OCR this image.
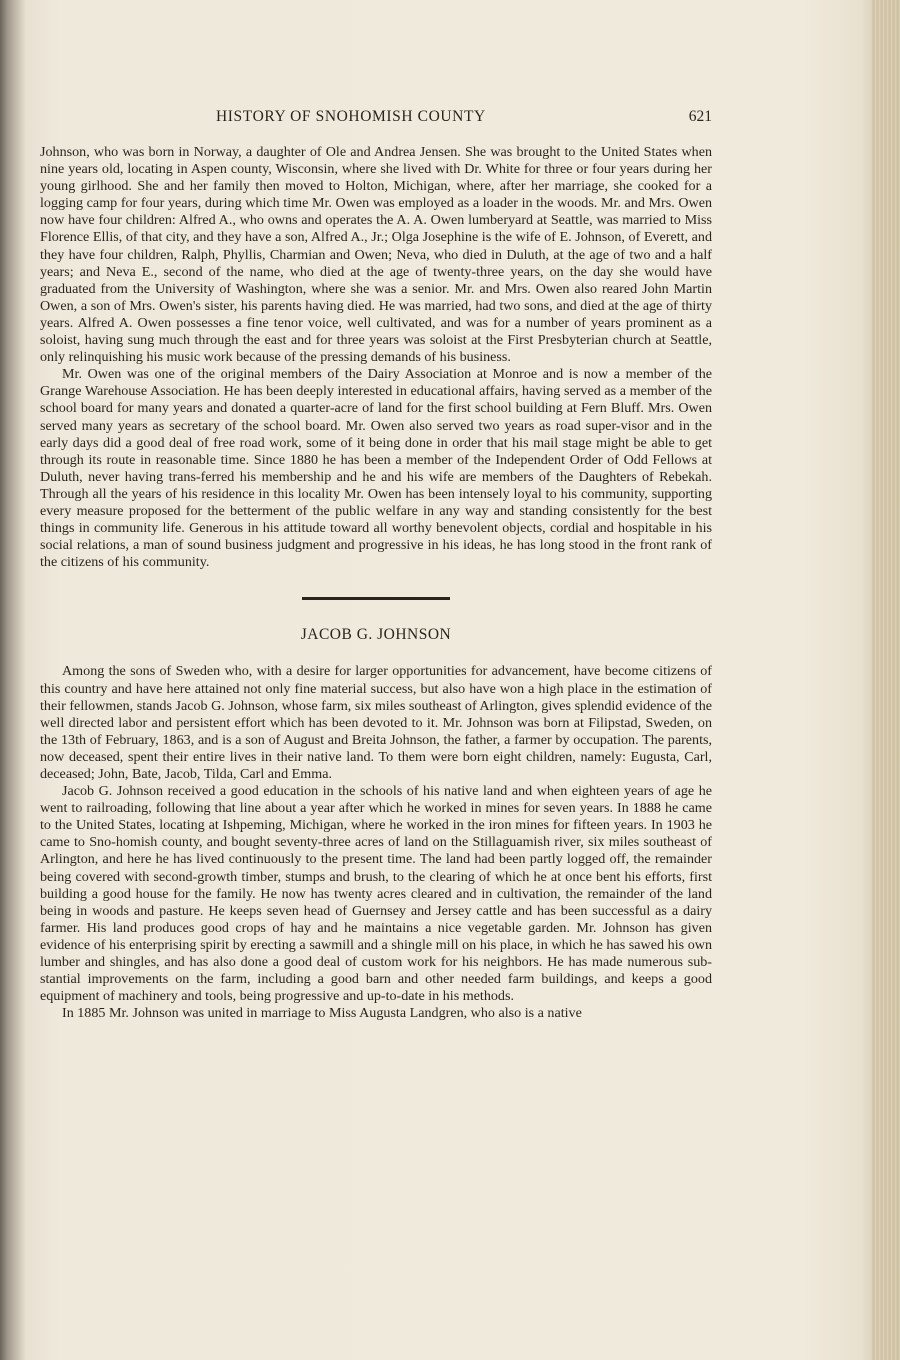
HISTORY OF SNOHOMISH COUNTY	621

Johnson, who was born in Norway, a daughter of Ole and Andrea Jensen. She was brought to the United States when nine years old, locating in Aspen county, Wisconsin, where she lived with Dr. White for three or four years during her young girlhood. She and her family then moved to Holton, Michigan, where, after her marriage, she cooked for a logging camp for four years, during which time Mr. Owen was employed as a loader in the woods. Mr. and Mrs. Owen now have four children: Alfred A., who owns and operates the A. A. Owen lumberyard at Seattle, was married to Miss Florence Ellis, of that city, and they have a son, Alfred A., Jr.; Olga Josephine is the wife of E. Johnson, of Everett, and they have four children, Ralph, Phyllis, Charmian and Owen; Neva, who died in Duluth, at the age of two and a half years; and Neva E., second of the name, who died at the age of twenty-three years, on the day she would have graduated from the University of Washington, where she was a senior. Mr. and Mrs. Owen also reared John Martin Owen, a son of Mrs. Owen's sister, his parents having died. He was married, had two sons, and died at the age of thirty years. Alfred A. Owen possesses a fine tenor voice, well cultivated, and was for a number of years prominent as a soloist, having sung much through the east and for three years was soloist at the First Presbyterian church at Seattle, only relinquishing his music work because of the pressing demands of his business.

Mr. Owen was one of the original members of the Dairy Association at Monroe and is now a member of the Grange Warehouse Association. He has been deeply interested in educational affairs, having served as a member of the school board for many years and donated a quarter-acre of land for the first school building at Fern Bluff. Mrs. Owen served many years as secretary of the school board. Mr. Owen also served two years as road super-visor and in the early days did a good deal of free road work, some of it being done in order that his mail stage might be able to get through its route in reasonable time. Since 1880 he has been a member of the Independent Order of Odd Fellows at Duluth, never having trans-ferred his membership and he and his wife are members of the Daughters of Rebekah. Through all the years of his residence in this locality Mr. Owen has been intensely loyal to his community, supporting every measure proposed for the betterment of the public welfare in any way and standing consistently for the best things in community life. Generous in his attitude toward all worthy benevolent objects, cordial and hospitable in his social relations, a man of sound business judgment and progressive in his ideas, he has long stood in the front rank of the citizens of his community.

JACOB G. JOHNSON

Among the sons of Sweden who, with a desire for larger opportunities for advancement, have become citizens of this country and have here attained not only fine material success, but also have won a high place in the estimation of their fellowmen, stands Jacob G. Johnson, whose farm, six miles southeast of Arlington, gives splendid evidence of the well directed labor and persistent effort which has been devoted to it. Mr. Johnson was born at Filipstad, Sweden, on the 13th of February, 1863, and is a son of August and Breita Johnson, the father, a farmer by occupation. The parents, now deceased, spent their entire lives in their native land. To them were born eight children, namely: Eugusta, Carl, deceased; John, Bate, Jacob, Tilda, Carl and Emma.

Jacob G. Johnson received a good education in the schools of his native land and when eighteen years of age he went to railroading, following that line about a year after which he worked in mines for seven years. In 1888 he came to the United States, locating at Ishpeming, Michigan, where he worked in the iron mines for fifteen years. In 1903 he came to Sno-homish county, and bought seventy-three acres of land on the Stillaguamish river, six miles southeast of Arlington, and here he has lived continuously to the present time. The land had been partly logged off, the remainder being covered with second-growth timber, stumps and brush, to the clearing of which he at once bent his efforts, first building a good house for the family. He now has twenty acres cleared and in cultivation, the remainder of the land being in woods and pasture. He keeps seven head of Guernsey and Jersey cattle and has been successful as a dairy farmer. His land produces good crops of hay and he maintains a nice vegetable garden. Mr. Johnson has given evidence of his enterprising spirit by erecting a sawmill and a shingle mill on his place, in which he has sawed his own lumber and shingles, and has also done a good deal of custom work for his neighbors. He has made numerous sub-stantial improvements on the farm, including a good barn and other needed farm buildings, and keeps a good equipment of machinery and tools, being progressive and up-to-date in his methods.

In 1885 Mr. Johnson was united in marriage to Miss Augusta Landgren, who also is a native
